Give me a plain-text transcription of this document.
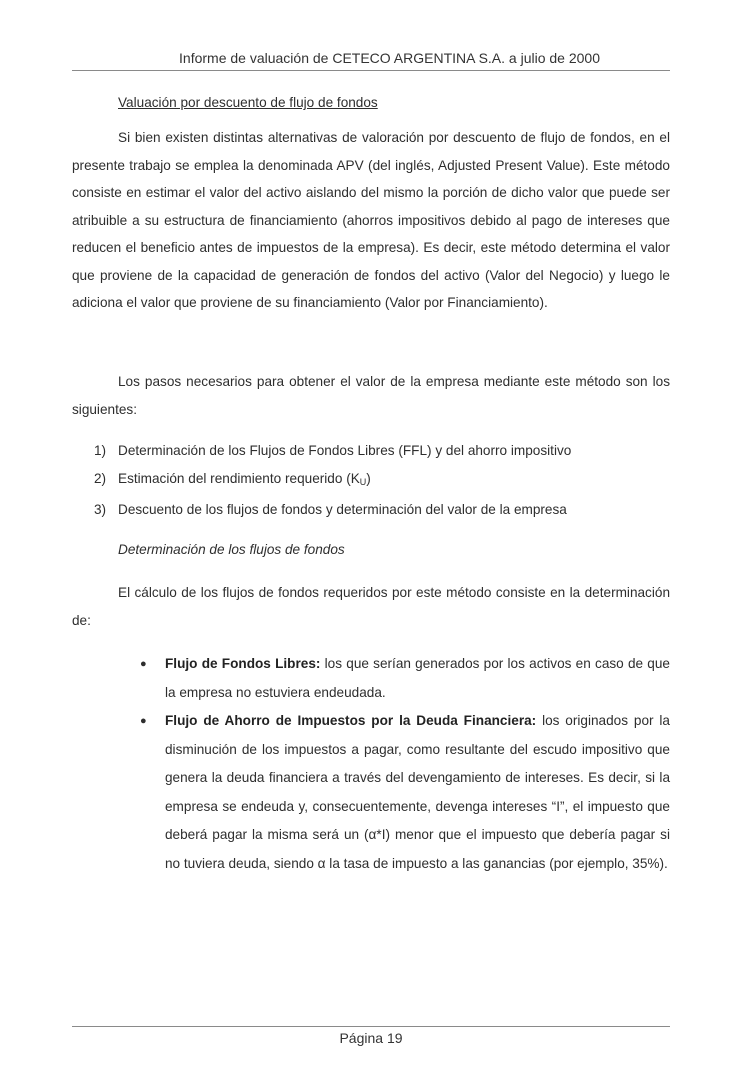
Informe de valuación de CETECO ARGENTINA S.A. a julio de 2000
Valuación por descuento de flujo de fondos
Si bien existen distintas alternativas de valoración por descuento de flujo de fondos, en el presente trabajo se emplea la denominada APV (del inglés, Adjusted Present Value). Este método consiste en estimar el valor del activo aislando del mismo la porción de dicho valor que puede ser atribuible a su estructura de financiamiento (ahorros impositivos debido al pago de intereses que reducen el beneficio antes de impuestos de la empresa). Es decir, este método determina el valor que proviene de la capacidad de generación de fondos del activo (Valor del Negocio) y luego le adiciona el valor que proviene de su financiamiento (Valor por Financiamiento).
Los pasos necesarios para obtener el valor de la empresa mediante este método son los siguientes:
1) Determinación de los Flujos de Fondos Libres (FFL) y del ahorro impositivo
2) Estimación del rendimiento requerido $(K_U)$
3) Descuento de los flujos de fondos y determinación del valor de la empresa
Determinación de los flujos de fondos
El cálculo de los flujos de fondos requeridos por este método consiste en la determinación de:
●	Flujo de Fondos Libres: los que serían generados por los activos en caso de que la empresa no estuviera endeudada.
●	Flujo de Ahorro de Impuestos por la Deuda Financiera: los originados por la disminución de los impuestos a pagar, como resultante del escudo impositivo que genera la deuda financiera a través del devengamiento de intereses. Es decir, si la empresa se endeuda y, consecuentemente, devenga intereses “I”, el impuesto que deberá pagar la misma será un (α*I) menor que el impuesto que debería pagar si no tuviera deuda, siendo α la tasa de impuesto a las ganancias (por ejemplo, 35%).
Página 19
